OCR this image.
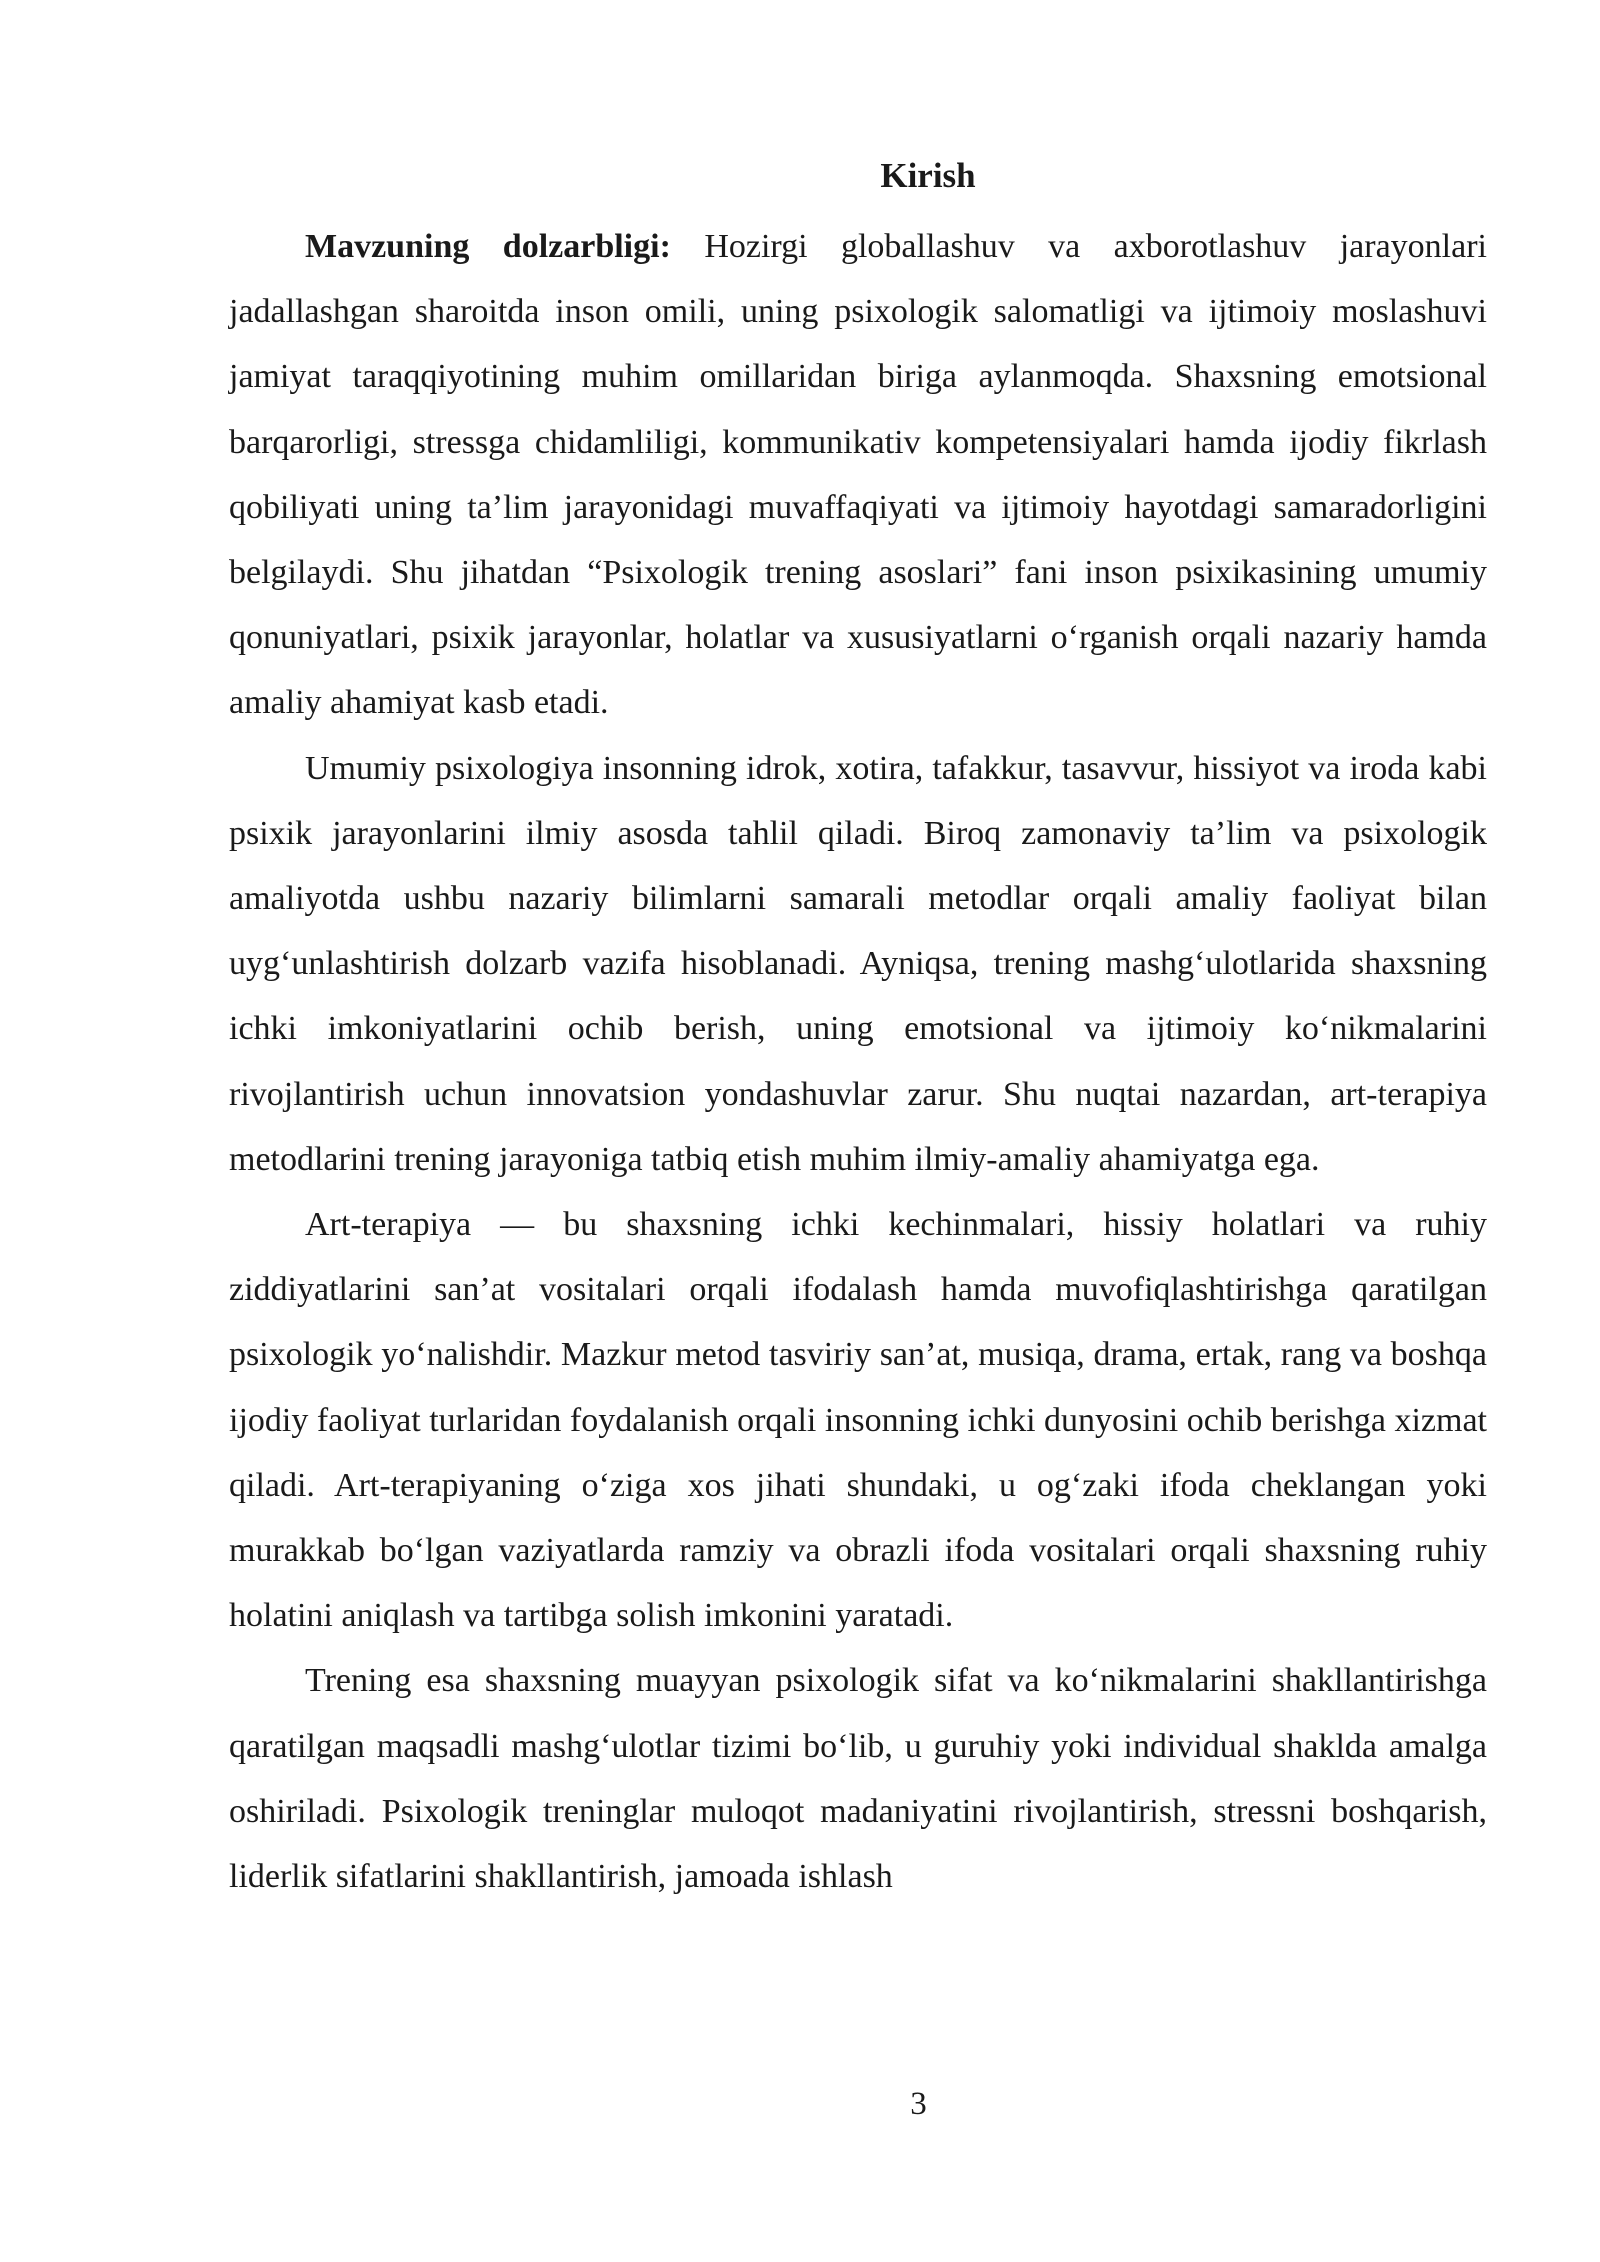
Kirish

Mavzuning dolzarbligi: Hozirgi globallashuv va axborotlashuv jarayonlari jadallashgan sharoitda inson omili, uning psixologik salomatligi va ijtimoiy moslashuvi jamiyat taraqqiyotining muhim omillaridan biriga aylanmoqda. Shaxsning emotsional barqarorligi, stressga chidamliligi, kommunikativ kompetensiyalari hamda ijodiy fikrlash qobiliyati uning ta’lim jarayonidagi muvaffaqiyati va ijtimoiy hayotdagi samaradorligini belgilaydi. Shu jihatdan “Psixologik trening asoslari” fani inson psixikasining umumiy qonuniyatlari, psixik jarayonlar, holatlar va xususiyatlarni o‘rganish orqali nazariy hamda amaliy ahamiyat kasb etadi.

Umumiy psixologiya insonning idrok, xotira, tafakkur, tasavvur, hissiyot va iroda kabi psixik jarayonlarini ilmiy asosda tahlil qiladi. Biroq zamonaviy ta’lim va psixologik amaliyotda ushbu nazariy bilimlarni samarali metodlar orqali amaliy faoliyat bilan uyg‘unlashtirish dolzarb vazifa hisoblanadi. Ayniqsa, trening mashg‘ulotlarida shaxsning ichki imkoniyatlarini ochib berish, uning emotsional va ijtimoiy ko‘nikmalarini rivojlantirish uchun innovatsion yondashuvlar zarur. Shu nuqtai nazardan, art-terapiya metodlarini trening jarayoniga tatbiq etish muhim ilmiy-amaliy ahamiyatga ega.

Art-terapiya — bu shaxsning ichki kechinmalari, hissiy holatlari va ruhiy ziddiyatlarini san’at vositalari orqali ifodalash hamda muvofiqlashtirishga qaratilgan psixologik yo‘nalishdir. Mazkur metod tasviriy san’at, musiqa, drama, ertak, rang va boshqa ijodiy faoliyat turlaridan foydalanish orqali insonning ichki dunyosini ochib berishga xizmat qiladi. Art-terapiyaning o‘ziga xos jihati shundaki, u og‘zaki ifoda cheklangan yoki murakkab bo‘lgan vaziyatlarda ramziy va obrazli ifoda vositalari orqali shaxsning ruhiy holatini aniqlash va tartibga solish imkonini yaratadi.

Trening esa shaxsning muayyan psixologik sifat va ko‘nikmalarini shakllantirishga qaratilgan maqsadli mashg‘ulotlar tizimi bo‘lib, u guruhiy yoki individual shaklda amalga oshiriladi. Psixologik treninglar muloqot madaniyatini rivojlantirish, stressni boshqarish, liderlik sifatlarini shakllantirish, jamoada ishlash

3
